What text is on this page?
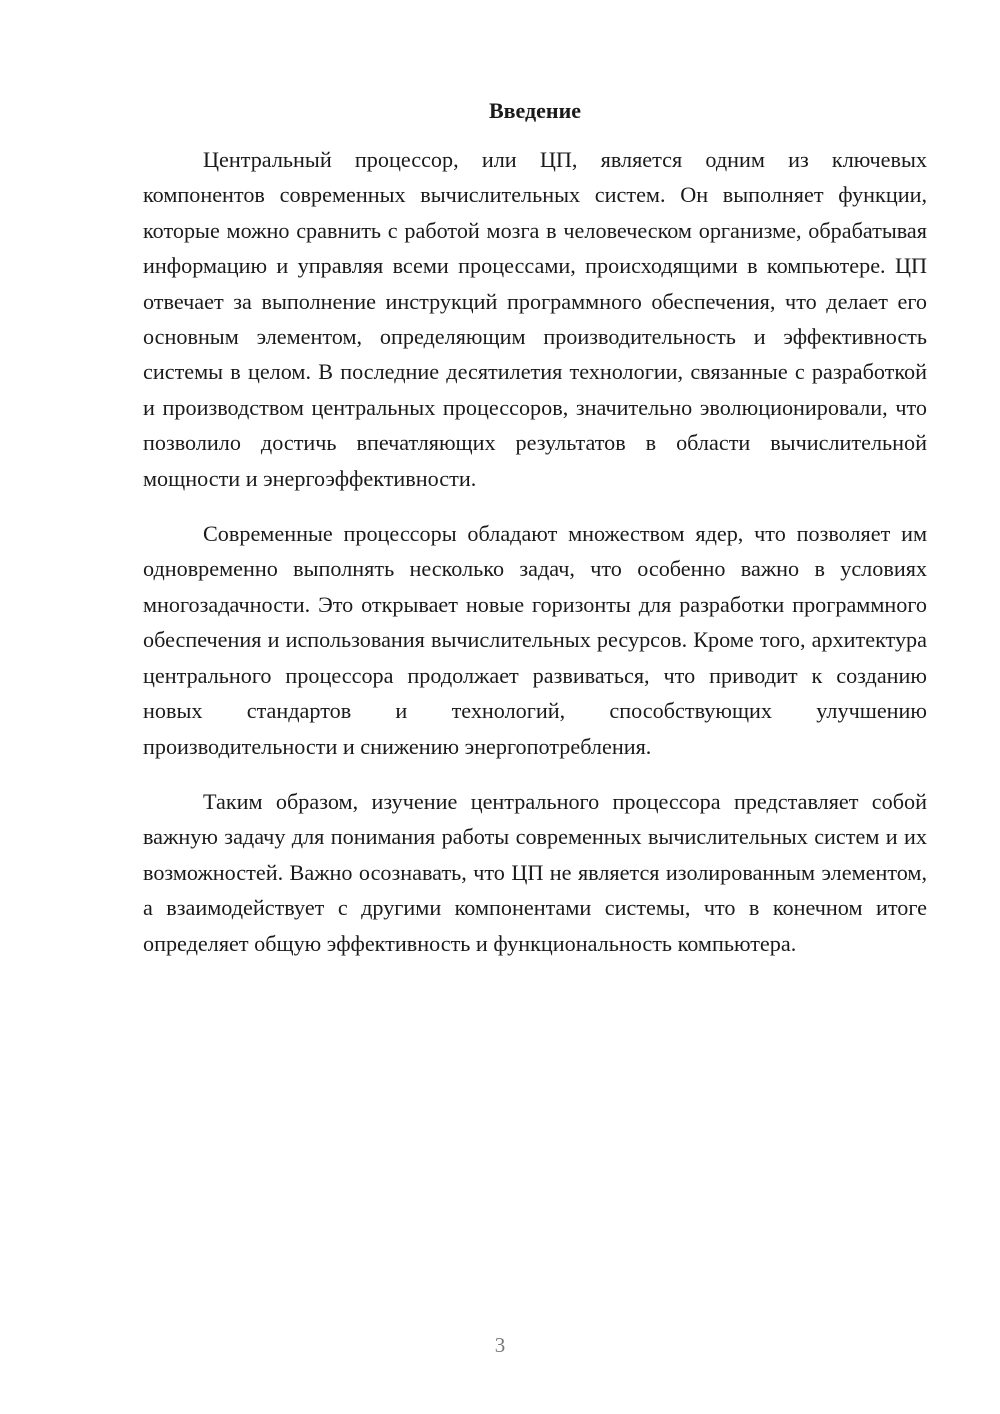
Введение

Центральный процессор, или ЦП, является одним из ключевых компонентов современных вычислительных систем. Он выполняет функции, которые можно сравнить с работой мозга в человеческом организме, обрабатывая информацию и управляя всеми процессами, происходящими в компьютере. ЦП отвечает за выполнение инструкций программного обеспечения, что делает его основным элементом, определяющим производительность и эффективность системы в целом. В последние десятилетия технологии, связанные с разработкой и производством центральных процессоров, значительно эволюционировали, что позволило достичь впечатляющих результатов в области вычислительной мощности и энергоэффективности.

Современные процессоры обладают множеством ядер, что позволяет им одновременно выполнять несколько задач, что особенно важно в условиях многозадачности. Это открывает новые горизонты для разработки программного обеспечения и использования вычислительных ресурсов. Кроме того, архитектура центрального процессора продолжает развиваться, что приводит к созданию новых стандартов и технологий, способствующих улучшению производительности и снижению энергопотребления.

Таким образом, изучение центрального процессора представляет собой важную задачу для понимания работы современных вычислительных систем и их возможностей. Важно осознавать, что ЦП не является изолированным элементом, а взаимодействует с другими компонентами системы, что в конечном итоге определяет общую эффективность и функциональность компьютера.

3
